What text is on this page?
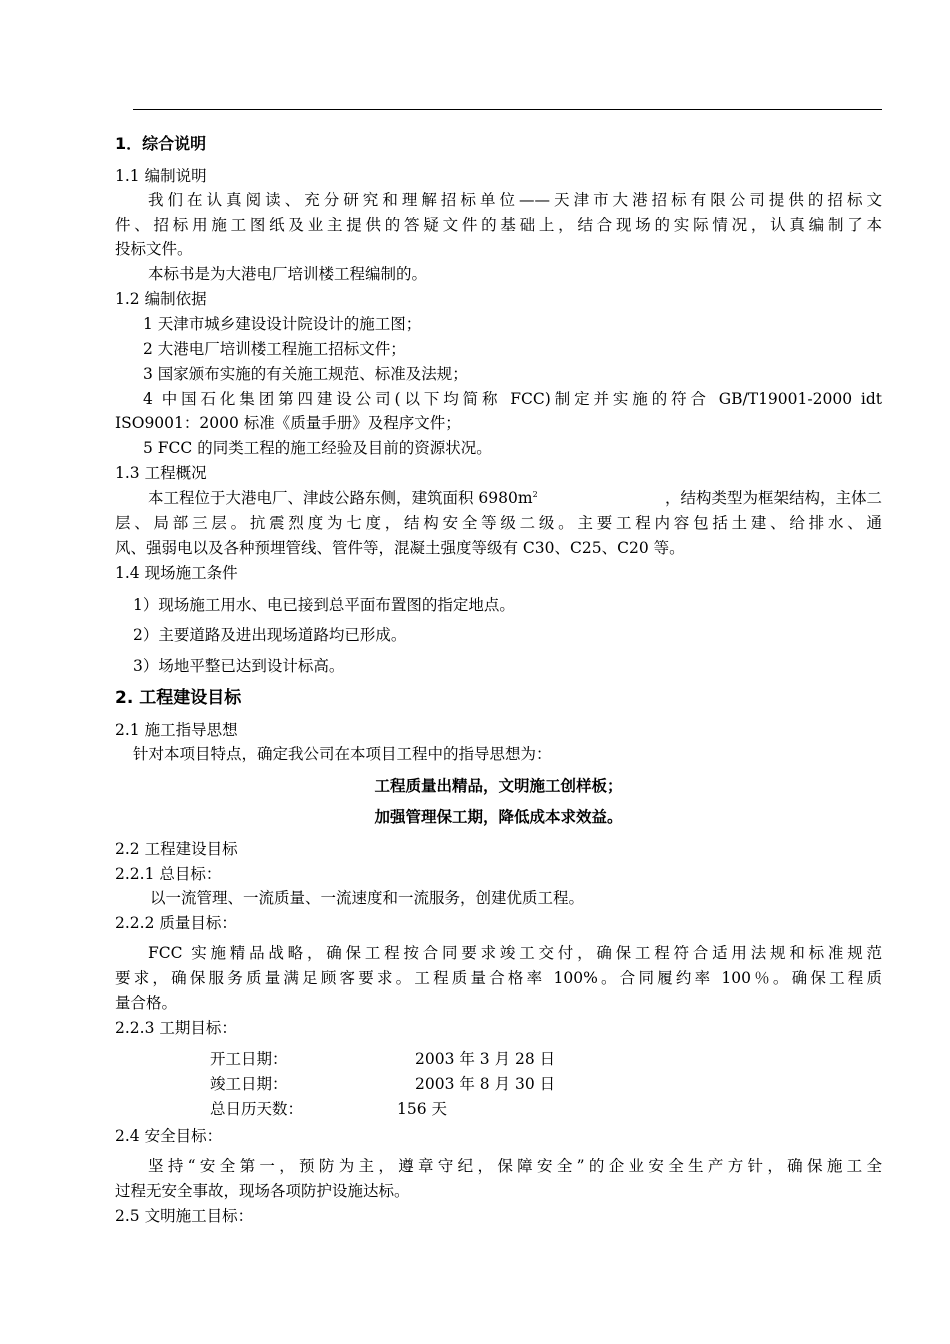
1．综合说明
1.1 编制说明
我们在认真阅读、充分研究和理解招标单位——天津市大港招标有限公司提供的招标文
件、招标用施工图纸及业主提供的答疑文件的基础上，结合现场的实际情况，认真编制了本
投标文件。
本标书是为大港电厂培训楼工程编制的。
1.2 编制依据
1 天津市城乡建设设计院设计的施工图；
2 大港电厂培训楼工程施工招标文件；
3 国家颁布实施的有关施工规范、标准及法规；
4 中国石化集团第四建设公司(以下均简称 FCC)制定并实施的符合 GB/T19001-2000 idt
ISO9001：2000 标准《质量手册》及程序文件；
5 FCC 的同类工程的施工经验及目前的资源状况。
1.3 工程概况
本工程位于大港电厂、津歧公路东侧，建筑面积 $6980m^2$	，结构类型为框架结构，主体二
层、局部三层。抗震烈度为七度，结构安全等级二级。主要工程内容包括土建、给排水、通
风、强弱电以及各种预埋管线、管件等，混凝土强度等级有 C30、C25、C20 等。
1.4 现场施工条件
1）现场施工用水、电已接到总平面布置图的指定地点。
2）主要道路及进出现场道路均已形成。
3）场地平整已达到设计标高。
2. 工程建设目标
2.1 施工指导思想
针对本项目特点，确定我公司在本项目工程中的指导思想为：
工程质量出精品，文明施工创样板；
加强管理保工期，降低成本求效益。
2.2 工程建设目标
2.2.1 总目标：
以一流管理、一流质量、一流速度和一流服务，创建优质工程。
2.2.2 质量目标：
FCC 实施精品战略，确保工程按合同要求竣工交付，确保工程符合适用法规和标准规范
要求，确保服务质量满足顾客要求。工程质量合格率 100%。合同履约率 100％。确保工程质
量合格。
2.2.3 工期目标：
开工日期：	2003 年 3 月 28 日
竣工日期：	2003 年 8 月 30 日
总日历天数：	156 天
2.4 安全目标：
坚持“安全第一，预防为主，遵章守纪，保障安全”的企业安全生产方针，确保施工全
过程无安全事故，现场各项防护设施达标。
2.5 文明施工目标：
